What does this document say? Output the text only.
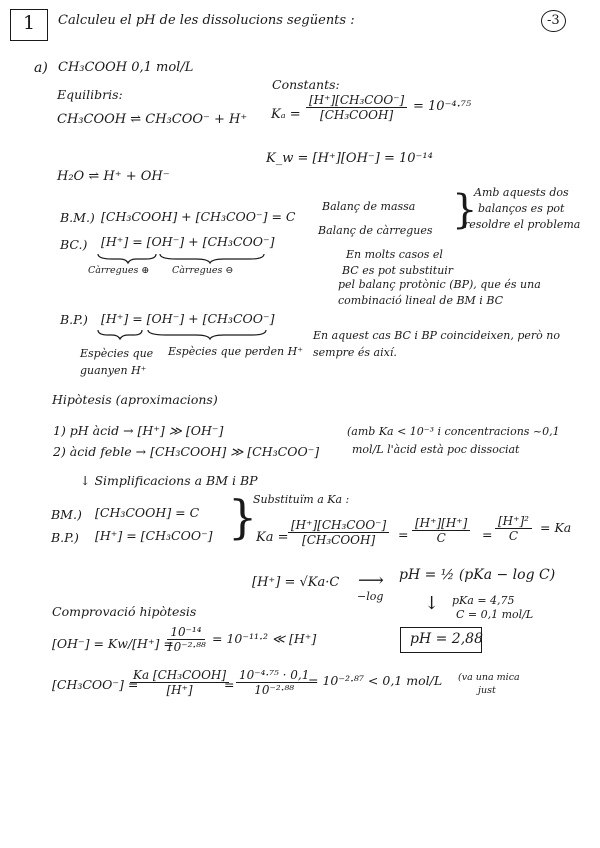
1 Calculeu el pH de les dissolucions següents :	-3
a) CH₃COOH 0,1 mol/L
Equilibris:
CH₃COOH ⇌ CH₃COO⁻ + H⁺
H₂O ⇌ H⁺ + OH⁻
Constants:
Kₐ =
[H⁺][CH₃COO⁻]
[CH₃COOH]
= 10⁻⁴·⁷⁵
K_w = [H⁺][OH⁻] = 10⁻¹⁴
B.M.) [CH₃COOH] + [CH₃COO⁻] = C
Balanç de massa
BC.) [H⁺] = [OH⁻] + [CH₃COO⁻]
Balanç de càrregues }
Amb aquests dos
balanços es pot
resoldre el problema
Càrregues ⊕ Càrregues ⊖
En molts casos el
BC es pot substituir
pel balanç protònic (BP), que és una
combinació lineal de BM i BC
B.P.) [H⁺] = [OH⁻] + [CH₃COO⁻]
En aquest cas BC i BP coincideixen, però no
sempre és així.
Espècies que
guanyen H⁺
Espècies que perden H⁺
Hipòtesis (aproximacions)
1) pH àcid → [H⁺] ≫ [OH⁻]
2) àcid feble → [CH₃COOH] ≫ [CH₃COO⁻]
(amb Ka < 10⁻³ i concentracions ~0,1
mol/L l'àcid està poc dissociat
↓ Simplificacions a BM i BP
BM.) [CH₃COOH] = C
B.P.) [H⁺] = [CH₃COO⁻] }
Substituïm a Ka :
Ka =
[H⁺][CH₃COO⁻]
[CH₃COOH] = $\frac{[H^+][H^+]}{C} = \frac{\text{[H⁺]²}}{C} = Ka$
[H⁺] = √Ka·C ⟶
−log
pH = ½ (pKa − log C)
↓ pKa = 4,75
C = 0,1 mol/L
pH = 2,88
Comprovació hipòtesis
[OH⁻] = Kw/[H⁺] =
$\frac{\text{10⁻¹⁴}}{\text{10⁻²·⁸⁸}} = 10^{-11}\cdot^2$ ≪ [H⁺]
[CH₃COO⁻] =
Ka [CH₃COOH]
[H⁺]	= $\frac{\text{10⁻⁴·⁷⁵ · 0,1}}{\text{10⁻²·⁸⁸}}$
= 10⁻²·⁸⁷ < 0,1 mol/L (va una mica
just
